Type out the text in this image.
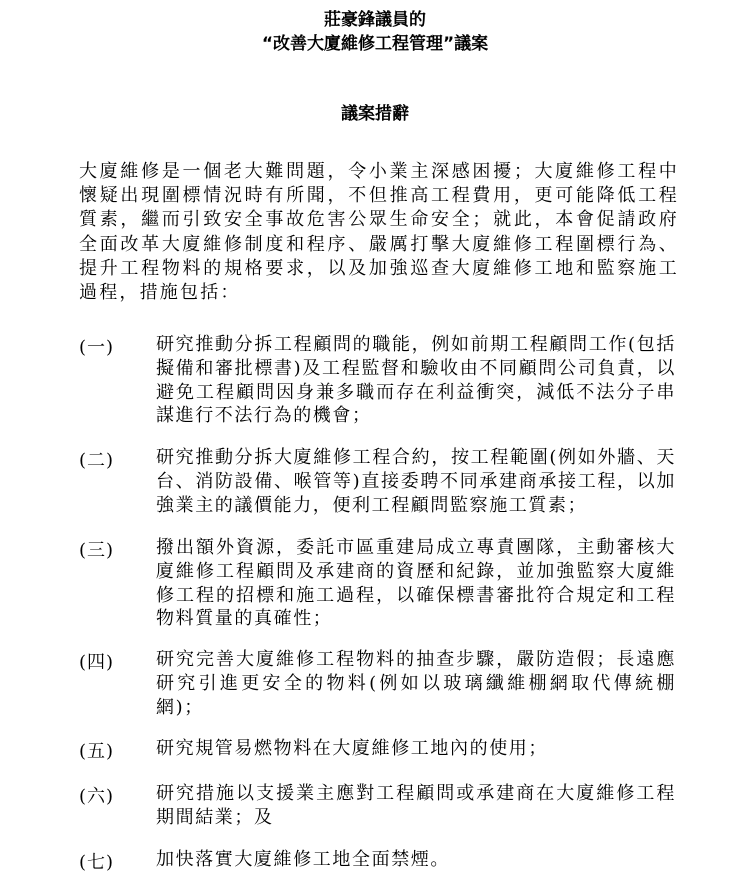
莊豪鋒議員的
“改善大廈維修工程管理”議案
議案措辭
大廈維修是一個老大難問題，令小業主深感困擾；大廈維修工程中懷疑出現圍標情況時有所聞，不但推高工程費用，更可能降低工程質素，繼而引致安全事故危害公眾生命安全；就此，本會促請政府全面改革大廈維修制度和程序、嚴厲打擊大廈維修工程圍標行為、提升工程物料的規格要求，以及加強巡查大廈維修工地和監察施工過程，措施包括：
(一) 研究推動分拆工程顧問的職能，例如前期工程顧問工作(包括擬備和審批標書)及工程監督和驗收由不同顧問公司負責，以避免工程顧問因身兼多職而存在利益衝突，減低不法分子串謀進行不法行為的機會；
(二) 研究推動分拆大廈維修工程合約，按工程範圍(例如外牆、天台、消防設備、喉管等)直接委聘不同承建商承接工程，以加強業主的議價能力，便利工程顧問監察施工質素；
(三) 撥出額外資源，委託市區重建局成立專責團隊，主動審核大廈維修工程顧問及承建商的資歷和紀錄，並加強監察大廈維修工程的招標和施工過程，以確保標書審批符合規定和工程物料質量的真確性；
(四) 研究完善大廈維修工程物料的抽查步驟，嚴防造假；長遠應研究引進更安全的物料(例如以玻璃纖維棚網取代傳統棚網)；
(五) 研究規管易燃物料在大廈維修工地內的使用；
(六) 研究措施以支援業主應對工程顧問或承建商在大廈維修工程期間結業；及
(七) 加快落實大廈維修工地全面禁煙。
